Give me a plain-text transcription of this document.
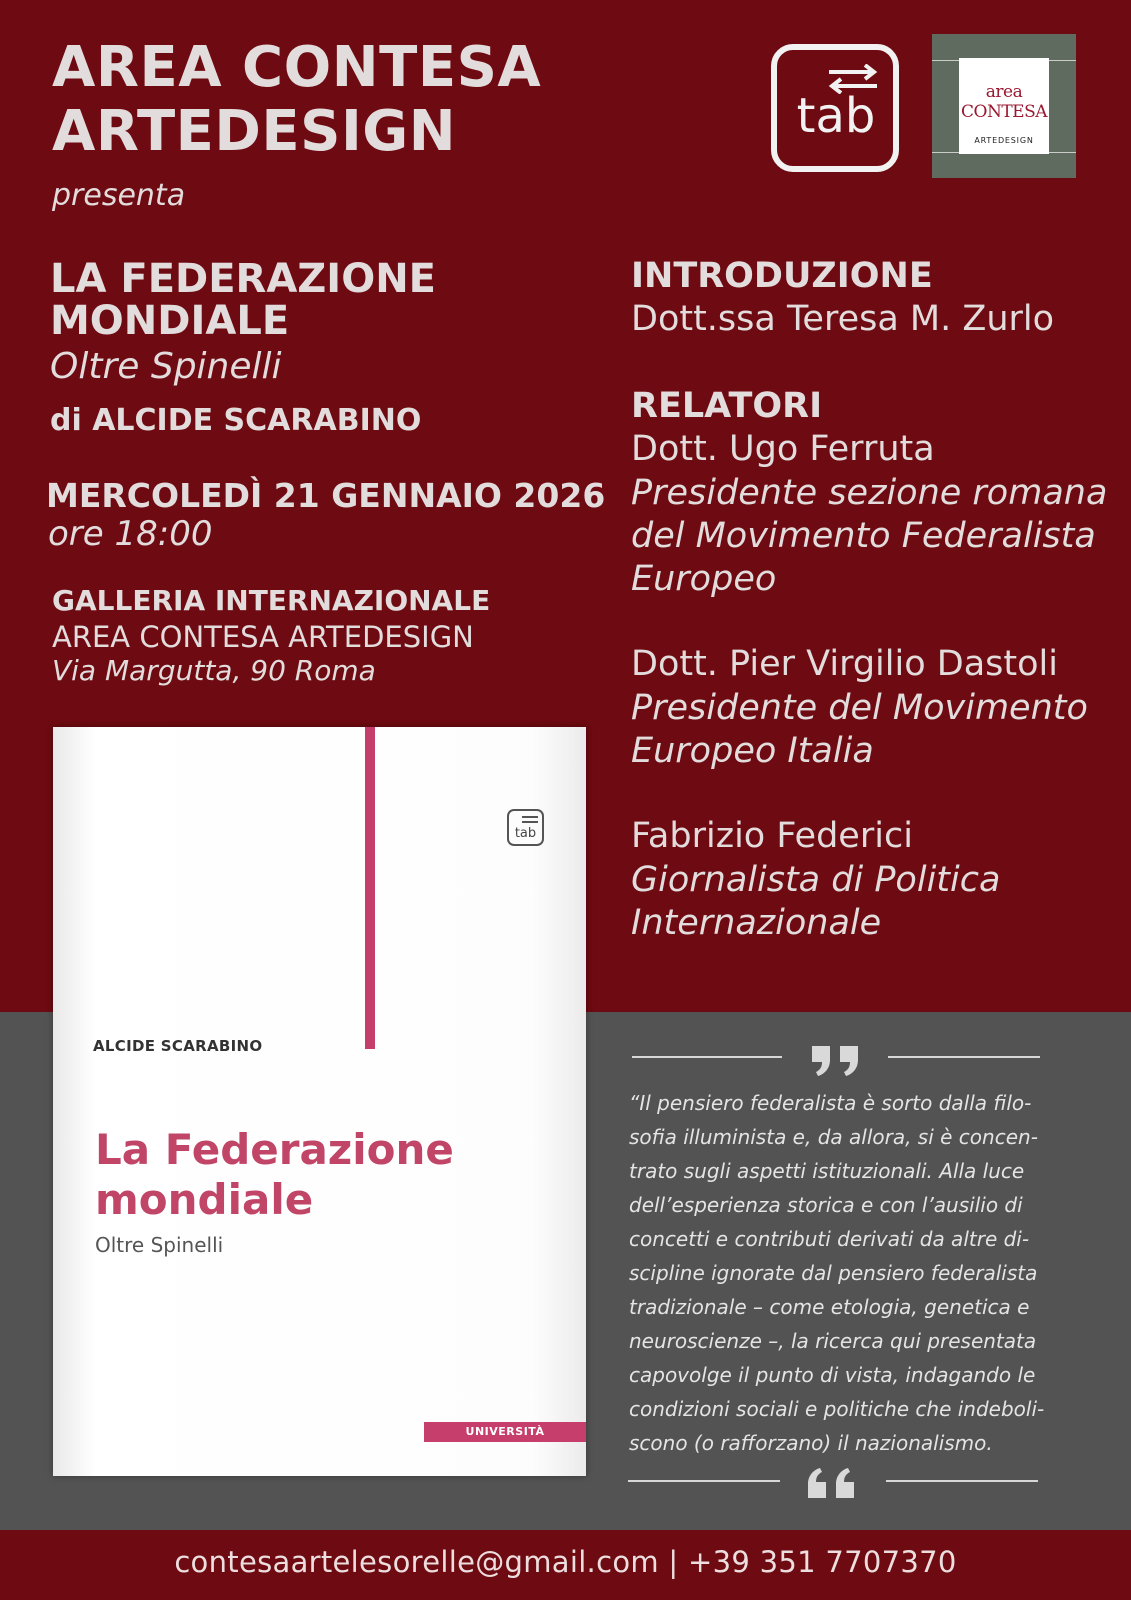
AREA CONTESA
ARTEDESIGN
presenta
tab	area CONTESA
ARTEDESIGN
LA FEDERAZIONE
MONDIALE
Oltre Spinelli
di ALCIDE SCARABINO
MERCOLEDÌ 21 GENNAIO 2026
ore 18:00
GALLERIA INTERNAZIONALE
AREA CONTESA ARTEDESIGN
Via Margutta, 90 Roma
INTRODUZIONE
Dott.ssa Teresa M. Zurlo
RELATORI
Dott. Ugo Ferruta
Presidente sezione romana
del Movimento Federalista
Europeo
Dott. Pier Virgilio Dastoli
Presidente del Movimento
Europeo Italia
Fabrizio Federici
Giornalista di Politica
Internazionale
tab
ALCIDE SCARABINO
La Federazione
mondiale
Oltre Spinelli
UNIVERSITÀ
“Il pensiero federalista è sorto dalla filo-
sofia illuminista e, da allora, si è concen-
trato sugli aspetti istituzionali. Alla luce
dell’esperienza storica e con l’ausilio di
concetti e contributi derivati da altre di-
scipline ignorate dal pensiero federalista
tradizionale – come etologia, genetica e
neuroscienze –, la ricerca qui presentata
capovolge il punto di vista, indagando le
condizioni sociali e politiche che indeboli-
scono (o rafforzano) il nazionalismo.
contesaartelesorelle@gmail.com | +39 351 7707370
